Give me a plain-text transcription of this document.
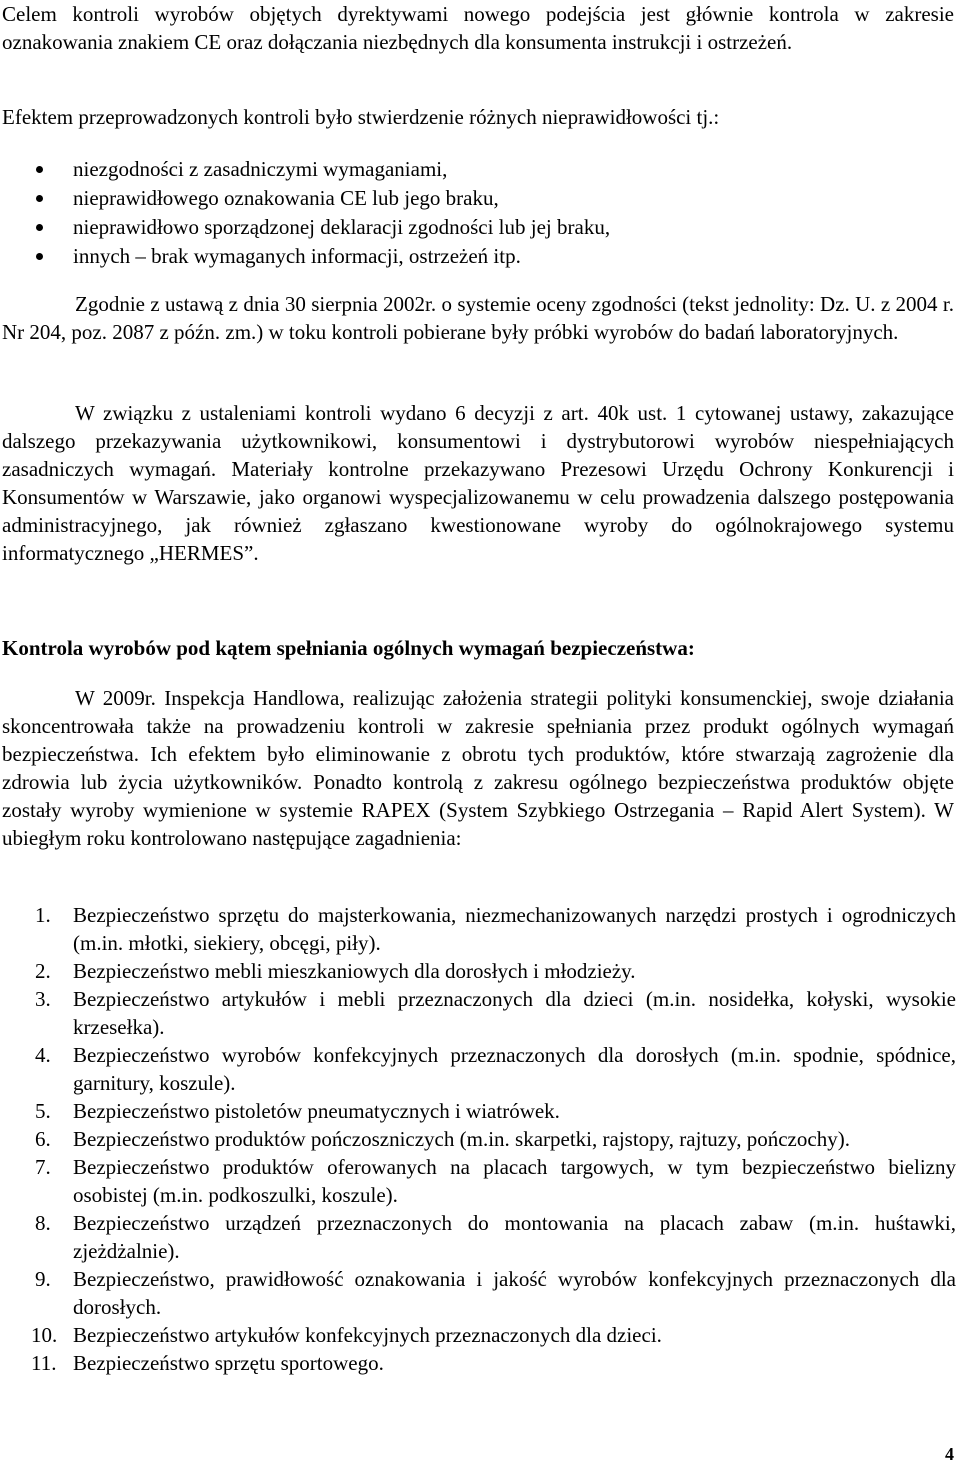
Celem kontroli wyrobów objętych dyrektywami nowego podejścia jest głównie kontrola w zakresie oznakowania znakiem CE oraz dołączania niezbędnych dla konsumenta instrukcji i ostrzeżeń.

Efektem przeprowadzonych kontroli było stwierdzenie różnych nieprawidłowości tj.:

niezgodności z zasadniczymi wymaganiami,
nieprawidłowego oznakowania CE lub jego braku,
nieprawidłowo sporządzonej deklaracji zgodności lub jej braku,
innych – brak wymaganych informacji, ostrzeżeń itp.

Zgodnie z ustawą z dnia 30 sierpnia 2002r. o systemie oceny zgodności (tekst jednolity: Dz. U. z 2004 r. Nr 204, poz. 2087 z późn. zm.) w toku kontroli pobierane były próbki wyrobów do badań laboratoryjnych.

W związku z ustaleniami kontroli wydano 6 decyzji z art. 40k ust. 1 cytowanej ustawy, zakazujące dalszego przekazywania użytkownikowi, konsumentowi i dystrybutorowi wyrobów niespełniających zasadniczych wymagań. Materiały kontrolne przekazywano Prezesowi Urzędu Ochrony Konkurencji i Konsumentów w Warszawie, jako organowi wyspecjalizowanemu w celu prowadzenia dalszego postępowania administracyjnego, jak również zgłaszano kwestionowane wyroby do ogólnokrajowego systemu informatycznego „HERMES”.

Kontrola wyrobów pod kątem spełniania ogólnych wymagań bezpieczeństwa:

W 2009r. Inspekcja Handlowa, realizując założenia strategii polityki konsumenckiej, swoje działania skoncentrowała także na prowadzeniu kontroli w zakresie spełniania przez produkt ogólnych wymagań bezpieczeństwa. Ich efektem było eliminowanie z obrotu tych produktów, które stwarzają zagrożenie dla zdrowia lub życia użytkowników. Ponadto kontrolą z zakresu ogólnego bezpieczeństwa produktów objęte zostały wyroby wymienione w systemie RAPEX (System Szybkiego Ostrzegania – Rapid Alert System). W ubiegłym roku kontrolowano następujące zagadnienia:

1. Bezpieczeństwo sprzętu do majsterkowania, niezmechanizowanych narzędzi prostych i ogrodniczych (m.in. młotki, siekiery, obcęgi, piły).
2. Bezpieczeństwo mebli mieszkaniowych dla dorosłych i młodzieży.
3. Bezpieczeństwo artykułów i mebli przeznaczonych dla dzieci (m.in. nosidełka, kołyski, wysokie krzesełka).
4. Bezpieczeństwo wyrobów konfekcyjnych przeznaczonych dla dorosłych (m.in. spodnie, spódnice, garnitury, koszule).
5. Bezpieczeństwo pistoletów pneumatycznych i wiatrówek.
6. Bezpieczeństwo produktów pończoszniczych (m.in. skarpetki, rajstopy, rajtuzy, pończochy).
7. Bezpieczeństwo produktów oferowanych na placach targowych, w tym bezpieczeństwo bielizny osobistej (m.in. podkoszulki, koszule).
8. Bezpieczeństwo urządzeń przeznaczonych do montowania na placach zabaw (m.in. huśtawki, zjeżdżalnie).
9. Bezpieczeństwo, prawidłowość oznakowania i jakość wyrobów konfekcyjnych przeznaczonych dla dorosłych.
10. Bezpieczeństwo artykułów konfekcyjnych przeznaczonych dla dzieci.
11. Bezpieczeństwo sprzętu sportowego.
4
